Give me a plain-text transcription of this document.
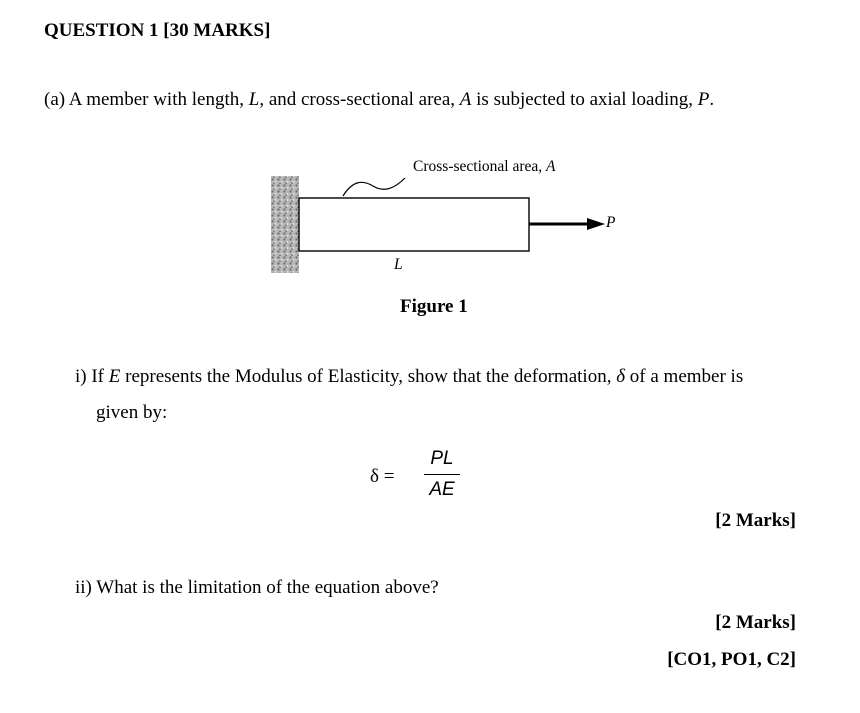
QUESTION 1 [30 MARKS]
(a) A member with length, L, and cross-sectional area, A is subjected to axial loading, P.
Cross-sectional area, A
P
L
Figure 1
i) If E represents the Modulus of Elasticity, show that the deformation, δ of a member is
given by:
δ =
PL
AE
[2 Marks]
ii) What is the limitation of the equation above?
[2 Marks]
[CO1, PO1, C2]
